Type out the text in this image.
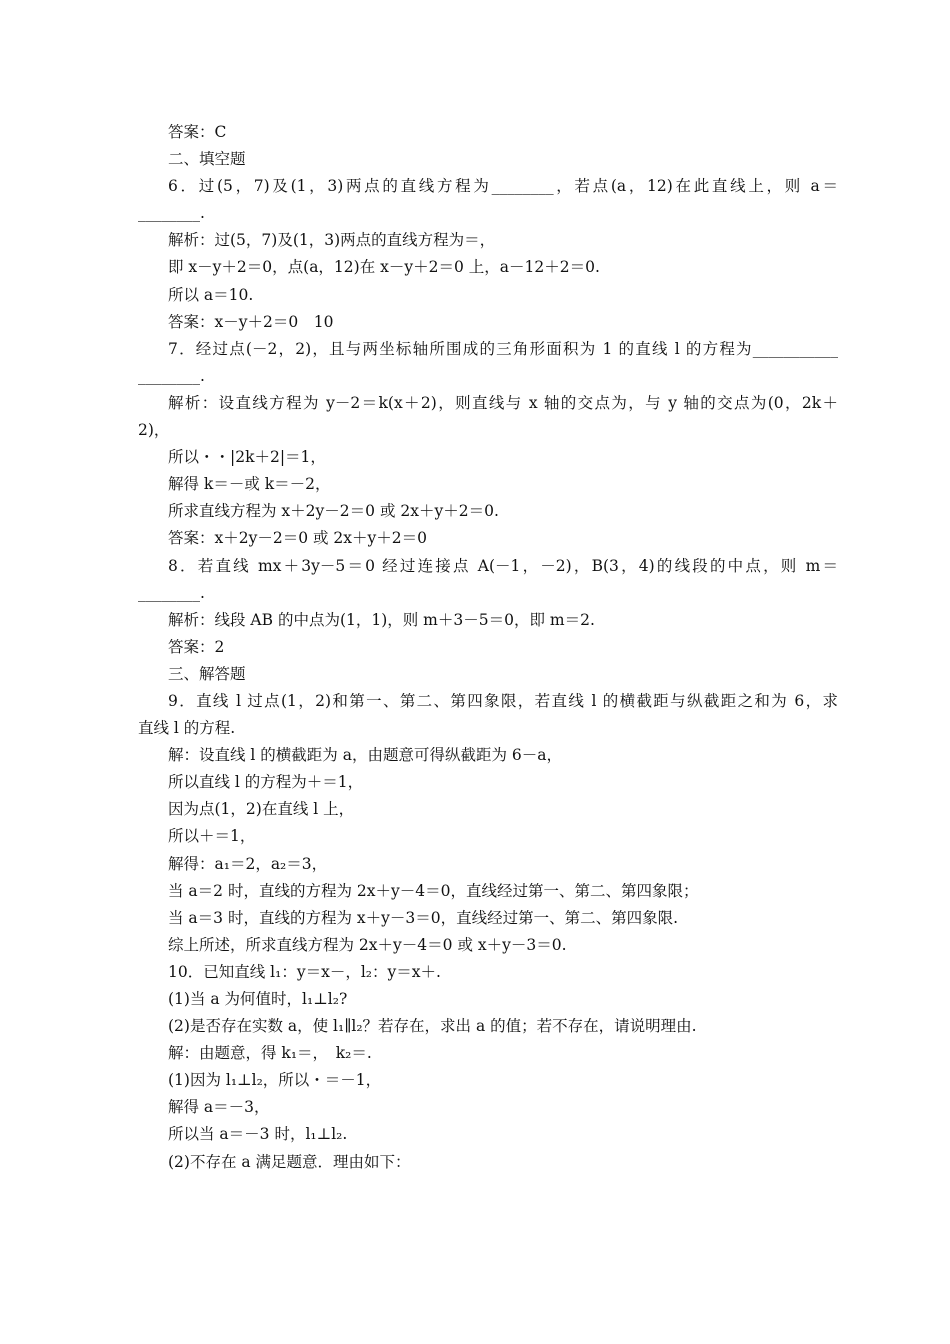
答案：C
二、填空题
6．过(5，7)及(1，3)两点的直线方程为________，若点(a，12)在此直线上，则 a＝
________.
解析：过(5，7)及(1，3)两点的直线方程为＝，
即 x－y＋2＝0，点(a，12)在 x－y＋2＝0 上，a－12＋2＝0.
所以 a＝10.
答案：x－y＋2＝0　10
7．经过点(－2，2)，且与两坐标轴所围成的三角形面积为 1 的直线 l 的方程为___________
________.
解析：设直线方程为 y－2＝k(x＋2)，则直线与 x 轴的交点为，与 y 轴的交点为(0，2k＋
2)，
所以・・|2k＋2|＝1，
解得 k＝－或 k＝－2，
所求直线方程为 x＋2y－2＝0 或 2x＋y＋2＝0.
答案：x＋2y－2＝0 或 2x＋y＋2＝0
8．若直线 mx＋3y－5＝0 经过连接点 A(－1，－2)，B(3，4)的线段的中点，则 m＝
________.
解析：线段 AB 的中点为(1，1)，则 m＋3－5＝0，即 m＝2.
答案：2
三、解答题
9．直线 l 过点(1，2)和第一、第二、第四象限，若直线 l 的横截距与纵截距之和为 6，求
直线 l 的方程.
解：设直线 l 的横截距为 a，由题意可得纵截距为 6－a，
所以直线 l 的方程为＋＝1，
因为点(1，2)在直线 l 上，
所以＋＝1，
解得：a₁＝2，a₂＝3，
当 a＝2 时，直线的方程为 2x＋y－4＝0，直线经过第一、第二、第四象限；
当 a＝3 时，直线的方程为 x＋y－3＝0，直线经过第一、第二、第四象限.
综上所述，所求直线方程为 2x＋y－4＝0 或 x＋y－3＝0.
10．已知直线 l₁：y＝x－，l₂：y＝x＋.
(1)当 a 为何值时，l₁⊥l₂?
(2)是否存在实数 a，使 l₁∥l₂？若存在，求出 a 的值；若不存在，请说明理由.
解：由题意，得 k₁＝，　k₂＝.
(1)因为 l₁⊥l₂，所以・＝－1，
解得 a＝－3，
所以当 a＝－3 时，l₁⊥l₂.
(2)不存在 a 满足题意．理由如下：
